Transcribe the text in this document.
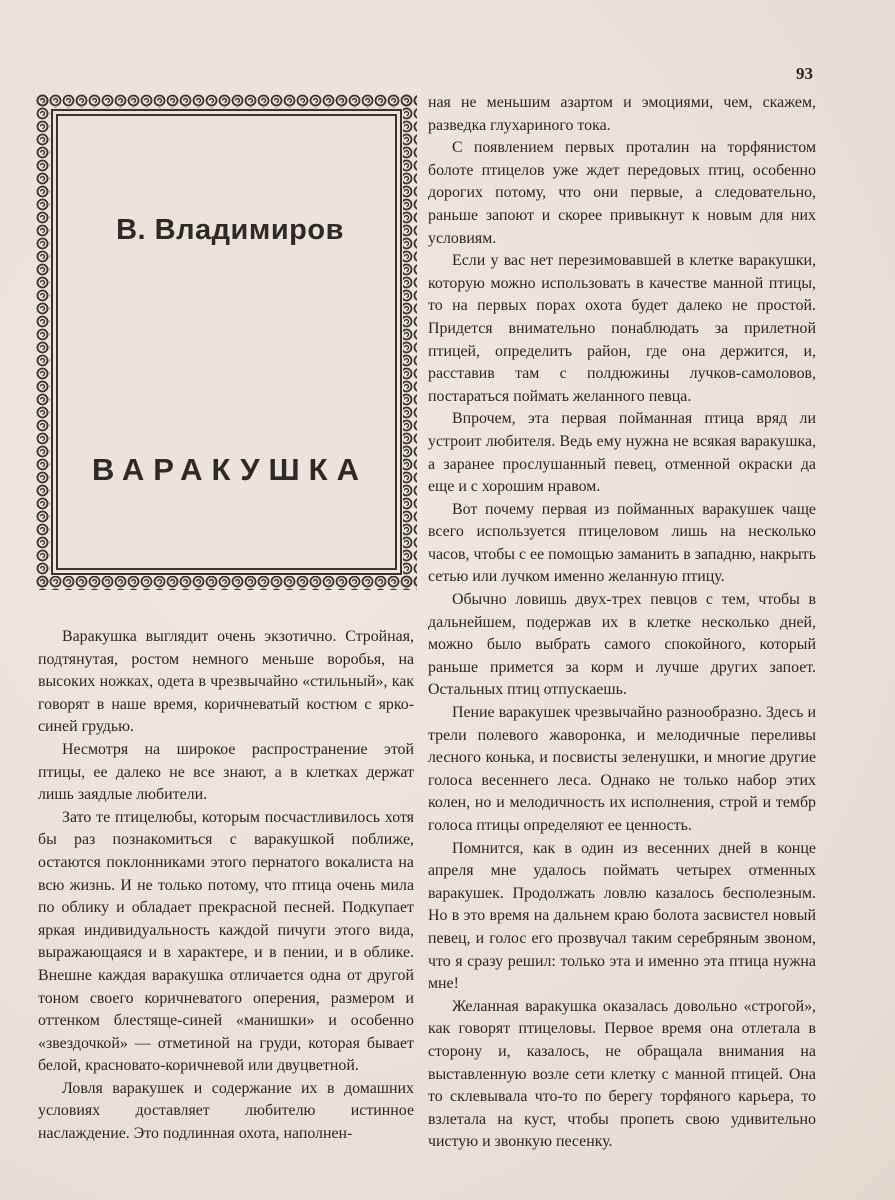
93
В. Владимиров
ВАРАКУШКА

Варакушка выглядит очень экзотично. Стройная, подтянутая, ростом немного меньше воробья, на высоких ножках, одета в чрезвычайно «стильный», как говорят в наше время, коричневатый костюм с ярко-синей грудью.

Несмотря на широкое распространение этой птицы, ее далеко не все знают, а в клетках держат лишь заядлые любители.

Зато те птицелюбы, которым посчастливилось хотя бы раз познакомиться с варакушкой поближе, остаются поклонниками этого пернатого вокалиста на всю жизнь. И не только потому, что птица очень мила по облику и обладает прекрасной песней. Подкупает яркая индивидуальность каждой пичуги этого вида, выражающаяся и в характере, и в пении, и в облике. Внешне каждая варакушка отличается одна от другой тоном своего коричневатого оперения, размером и оттенком блестяще-синей «манишки» и особенно «звездочкой» — отметиной на груди, которая бывает белой, красновато-коричневой или двуцветной.

Ловля варакушек и содержание их в домашних условиях доставляет любителю истинное наслаждение. Это подлинная охота, наполнен-

ная не меньшим азартом и эмоциями, чем, скажем, разведка глухариного тока.

С появлением первых проталин на торфянистом болоте птицелов уже ждет передовых птиц, особенно дорогих потому, что они первые, а следовательно, раньше запоют и скорее привыкнут к новым для них условиям.

Если у вас нет перезимовавшей в клетке варакушки, которую можно использовать в качестве манной птицы, то на первых порах охота будет далеко не простой. Придется внимательно понаблюдать за прилетной птицей, определить район, где она держится, и, расставив там с полдюжины лучков-самоловов, постараться поймать желанного певца.

Впрочем, эта первая пойманная птица вряд ли устроит любителя. Ведь ему нужна не всякая варакушка, а заранее прослушанный певец, отменной окраски да еще и с хорошим нравом.

Вот почему первая из пойманных варакушек чаще всего используется птицеловом лишь на несколько часов, чтобы с ее помощью заманить в западню, накрыть сетью или лучком именно желанную птицу.

Обычно ловишь двух-трех певцов с тем, чтобы в дальнейшем, подержав их в клетке несколько дней, можно было выбрать самого спокойного, который раньше примется за корм и лучше других запоет. Остальных птиц отпускаешь.

Пение варакушек чрезвычайно разнообразно. Здесь и трели полевого жаворонка, и мелодичные переливы лесного конька, и посвисты зеленушки, и многие другие голоса весеннего леса. Однако не только набор этих колен, но и мелодичность их исполнения, строй и тембр голоса птицы определяют ее ценность.

Помнится, как в один из весенних дней в конце апреля мне удалось поймать четырех отменных варакушек. Продолжать ловлю казалось бесполезным. Но в это время на дальнем краю болота засвистел новый певец, и голос его прозвучал таким серебряным звоном, что я сразу решил: только эта и именно эта птица нужна мне!

Желанная варакушка оказалась довольно «строгой», как говорят птицеловы. Первое время она отлетала в сторону и, казалось, не обращала внимания на выставленную возле сети клетку с манной птицей. Она то склевывала что-то по берегу торфяного карьера, то взлетала на куст, чтобы пропеть свою удивительно чистую и звонкую песенку.
